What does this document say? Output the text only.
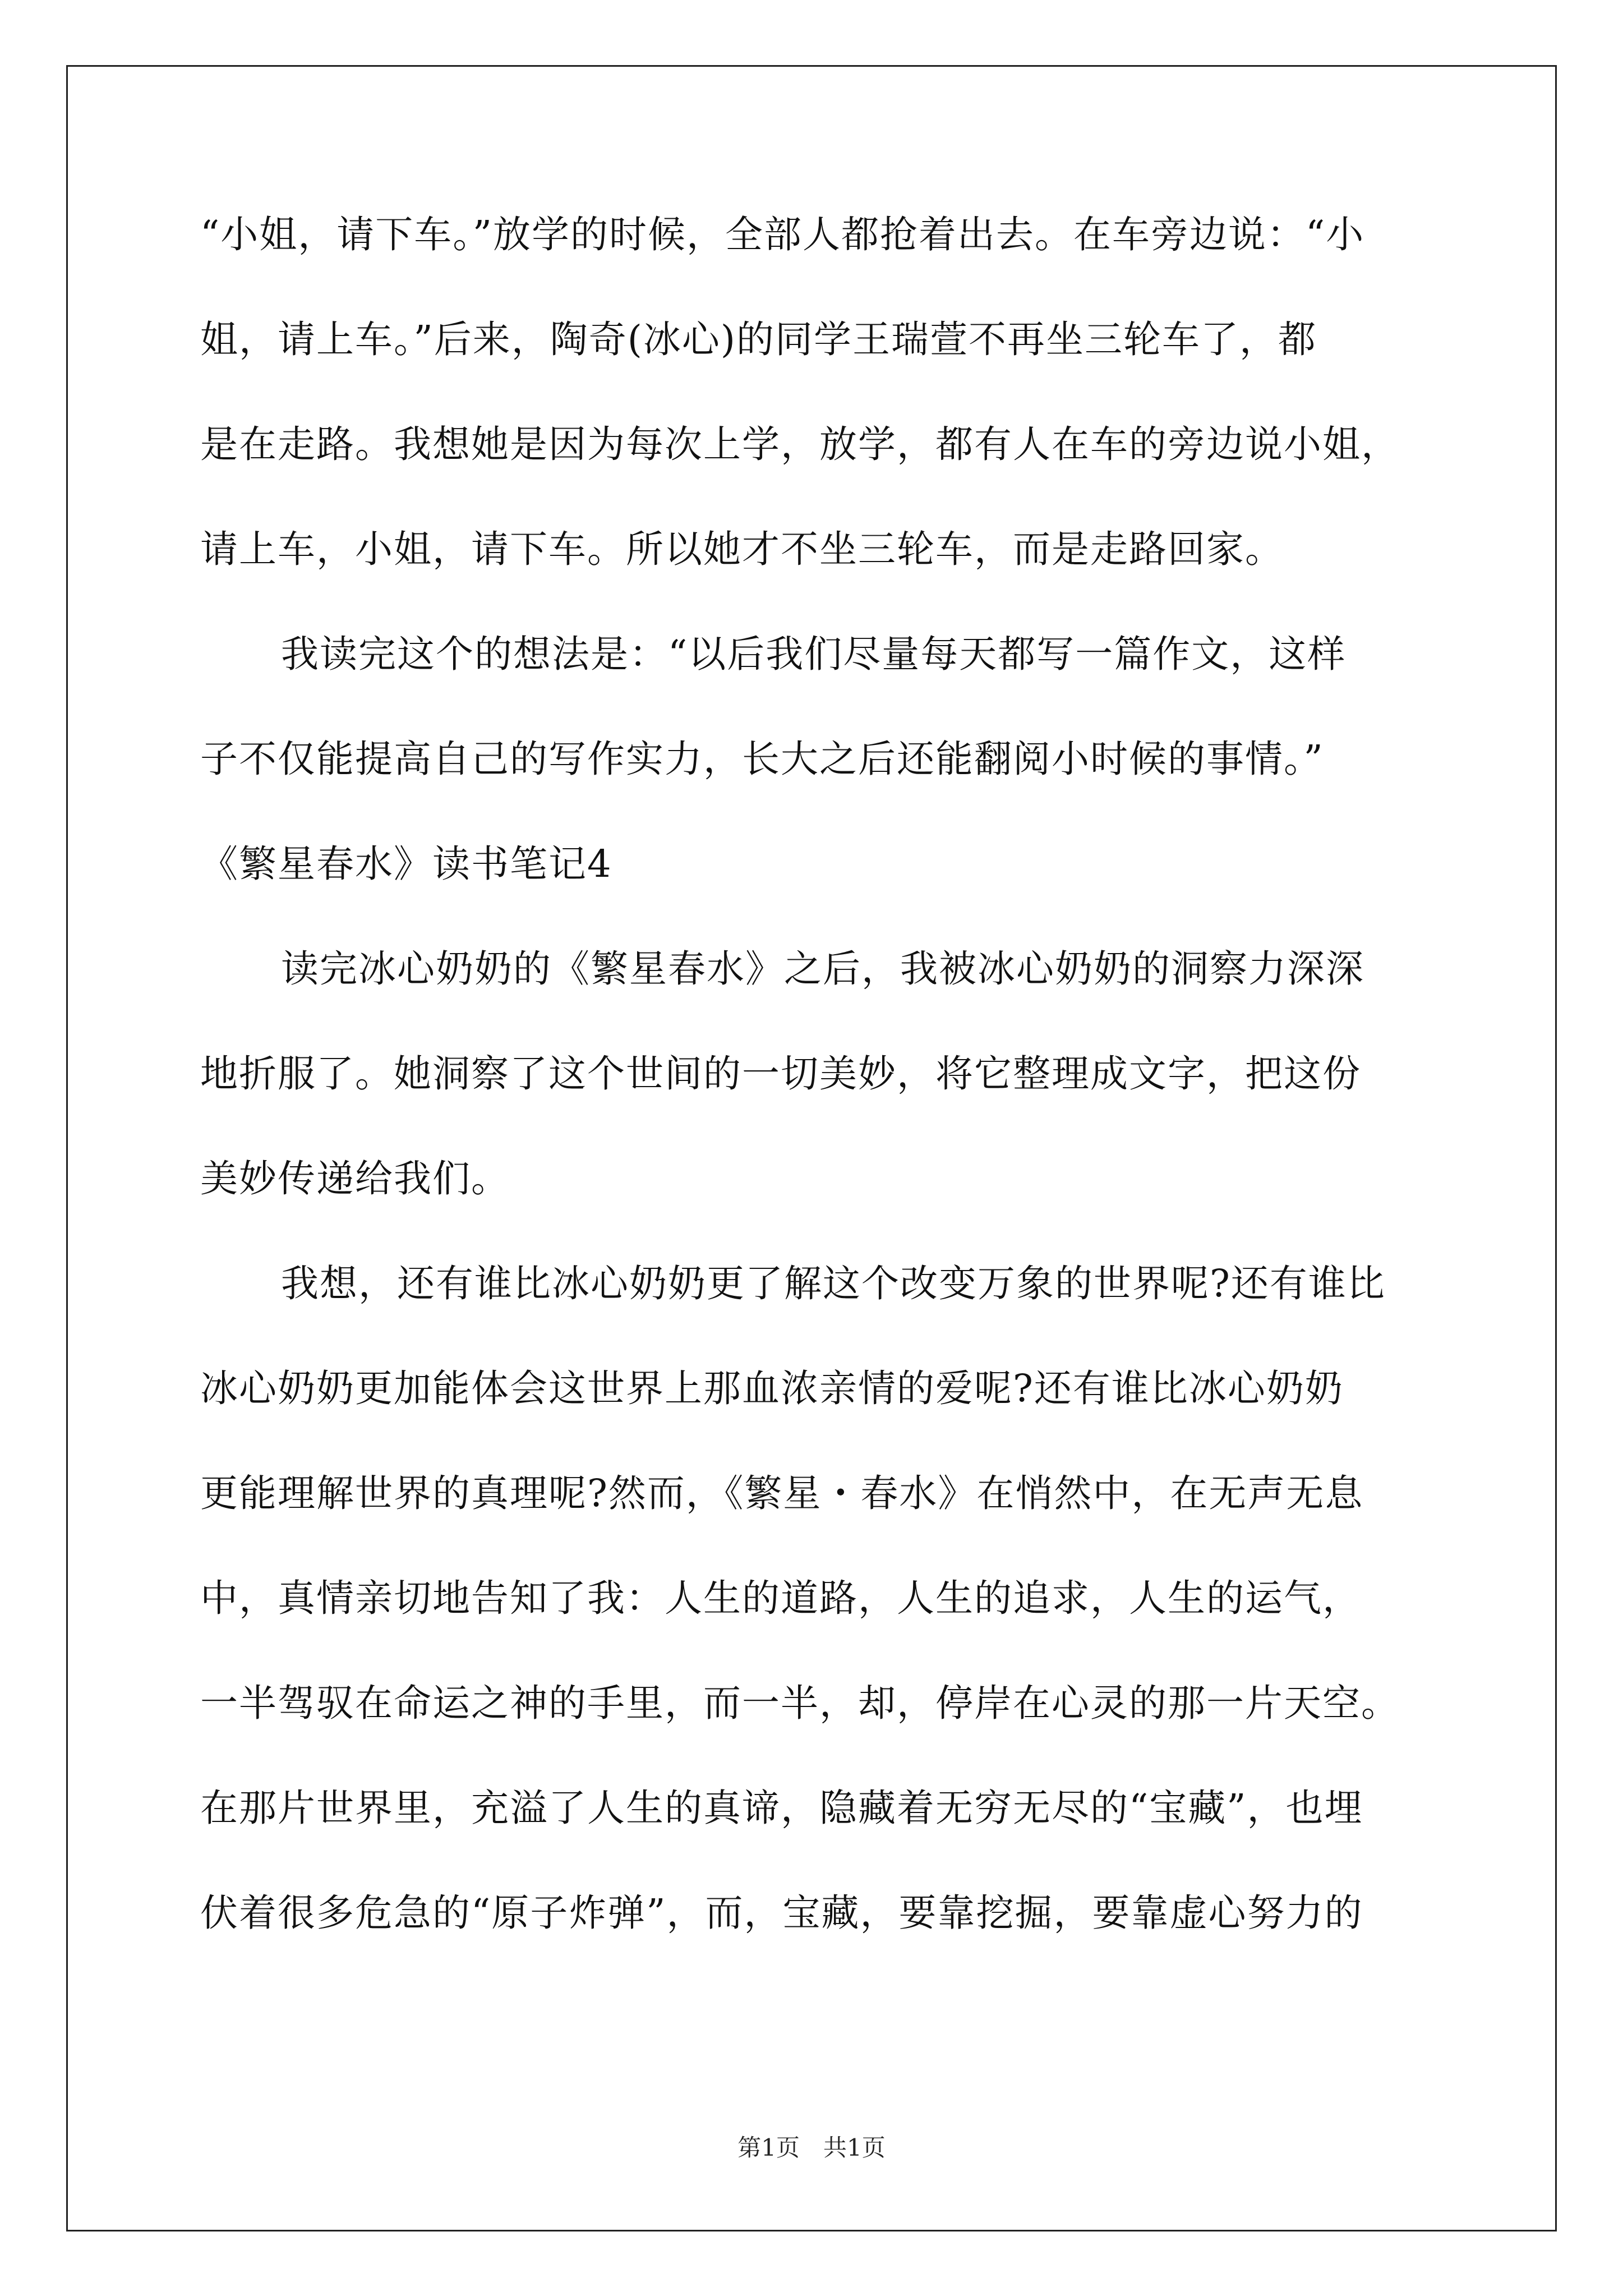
“小姐，请下车。”放学的时候，全部人都抢着出去。在车旁边说：“小
姐，请上车。”后来，陶奇(冰心)的同学王瑞萱不再坐三轮车了，都
是在走路。我想她是因为每次上学，放学，都有人在车的旁边说小姐，
请上车，小姐，请下车。所以她才不坐三轮车，而是走路回家。
我读完这个的想法是：“以后我们尽量每天都写一篇作文，这样
子不仅能提高自己的写作实力，长大之后还能翻阅小时候的事情。”
《繁星春水》读书笔记4
读完冰心奶奶的《繁星春水》之后，我被冰心奶奶的洞察力深深
地折服了。她洞察了这个世间的一切美妙，将它整理成文字，把这份
美妙传递给我们。
我想，还有谁比冰心奶奶更了解这个改变万象的世界呢?还有谁比
冰心奶奶更加能体会这世界上那血浓亲情的爱呢?还有谁比冰心奶奶
更能理解世界的真理呢?然而，《繁星・春水》在悄然中，在无声无息
中，真情亲切地告知了我：人生的道路，人生的追求，人生的运气，
一半驾驭在命运之神的手里，而一半，却，停岸在心灵的那一片天空。
在那片世界里，充溢了人生的真谛，隐藏着无穷无尽的“宝藏”，也埋
伏着很多危急的“原子炸弹”，而，宝藏，要靠挖掘，要靠虚心努力的
第1页　共1页
